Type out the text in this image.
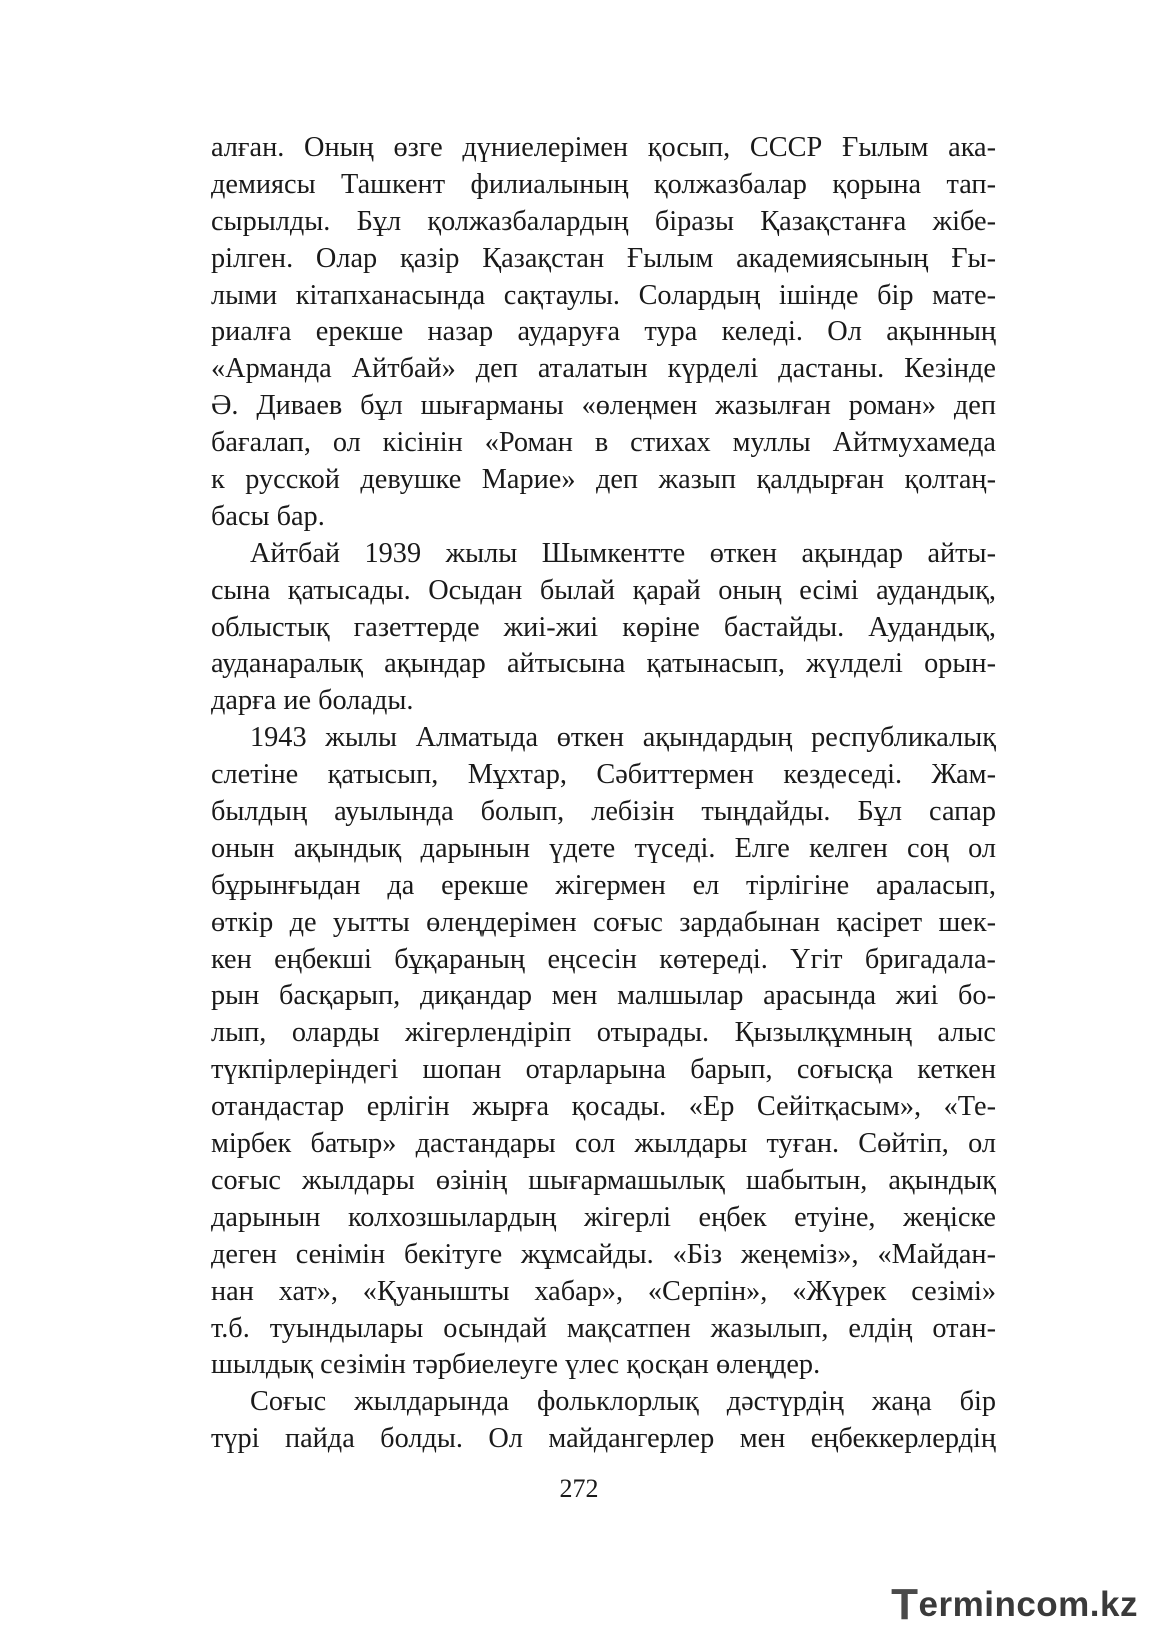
алған. Оның өзге дүниелерімен қосып, СССР Ғылым ака-
демиясы Ташкент филиалының қолжазбалар қорына тап-
сырылды. Бұл қолжазбалардың біразы Қазақстанға жібе-
рілген. Олар қазір Қазақстан Ғылым академиясының Ғы-
лыми кітапханасында сақтаулы. Солардың ішінде бір мате-
риалға ерекше назар аударуға тура келеді. Ол ақынның
«Арманда Айтбай» деп аталатын күрделі дастаны. Кезінде
Ә. Диваев бұл шығарманы «өлеңмен жазылған роман» деп
бағалап, ол кісінін «Роман в стихах муллы Айтмухамеда
к русской девушке Марие» деп жазып қалдырған қолтаң-
басы бар.
Айтбай 1939 жылы Шымкентте өткен ақындар айты-
сына қатысады. Осыдан былай қарай оның есімі аудандық,
облыстық газеттерде жиі-жиі көріне бастайды. Аудандық,
ауданаралық ақындар айтысына қатынасып, жүлделі орын-
дарға ие болады.
1943 жылы Алматыда өткен ақындардың республикалық
слетіне қатысып, Мұхтар, Сәбиттермен кездеседі. Жам-
былдың ауылында болып, лебізін тыңдайды. Бұл сапар
онын ақындық дарынын үдете түседі. Елге келген соң ол
бұрынғыдан да ерекше жігермен ел тірлігіне араласып,
өткір де уытты өлеңдерімен соғыс зардабынан қасірет шек-
кен еңбекші бұқараның еңсесін көтереді. Үгіт бригадала-
рын басқарып, диқандар мен малшылар арасында жиі бо-
лып, оларды жігерлендіріп отырады. Қызылқұмның алыс
түкпірлеріндегі шопан отарларына барып, соғысқа кеткен
отандастар ерлігін жырға қосады. «Ер Сейітқасым», «Те-
мірбек батыр» дастандары сол жылдары туған. Сөйтіп, ол
соғыс жылдары өзінің шығармашылық шабытын, ақындық
дарынын колхозшылардың жігерлі еңбек етуіне, жеңіске
деген сенімін бекітуге жұмсайды. «Біз жеңеміз», «Майдан-
нан хат», «Қуанышты хабар», «Серпін», «Жүрек сезімі»
т.б. туындылары осындай мақсатпен жазылып, елдің отан-
шылдық сезімін тәрбиелеуге үлес қосқан өлеңдер.
Соғыс жылдарында фольклорлық дәстүрдің жаңа бір
түрі пайда болды. Ол майдангерлер мен еңбеккерлердің
272
T ermincom.kz
